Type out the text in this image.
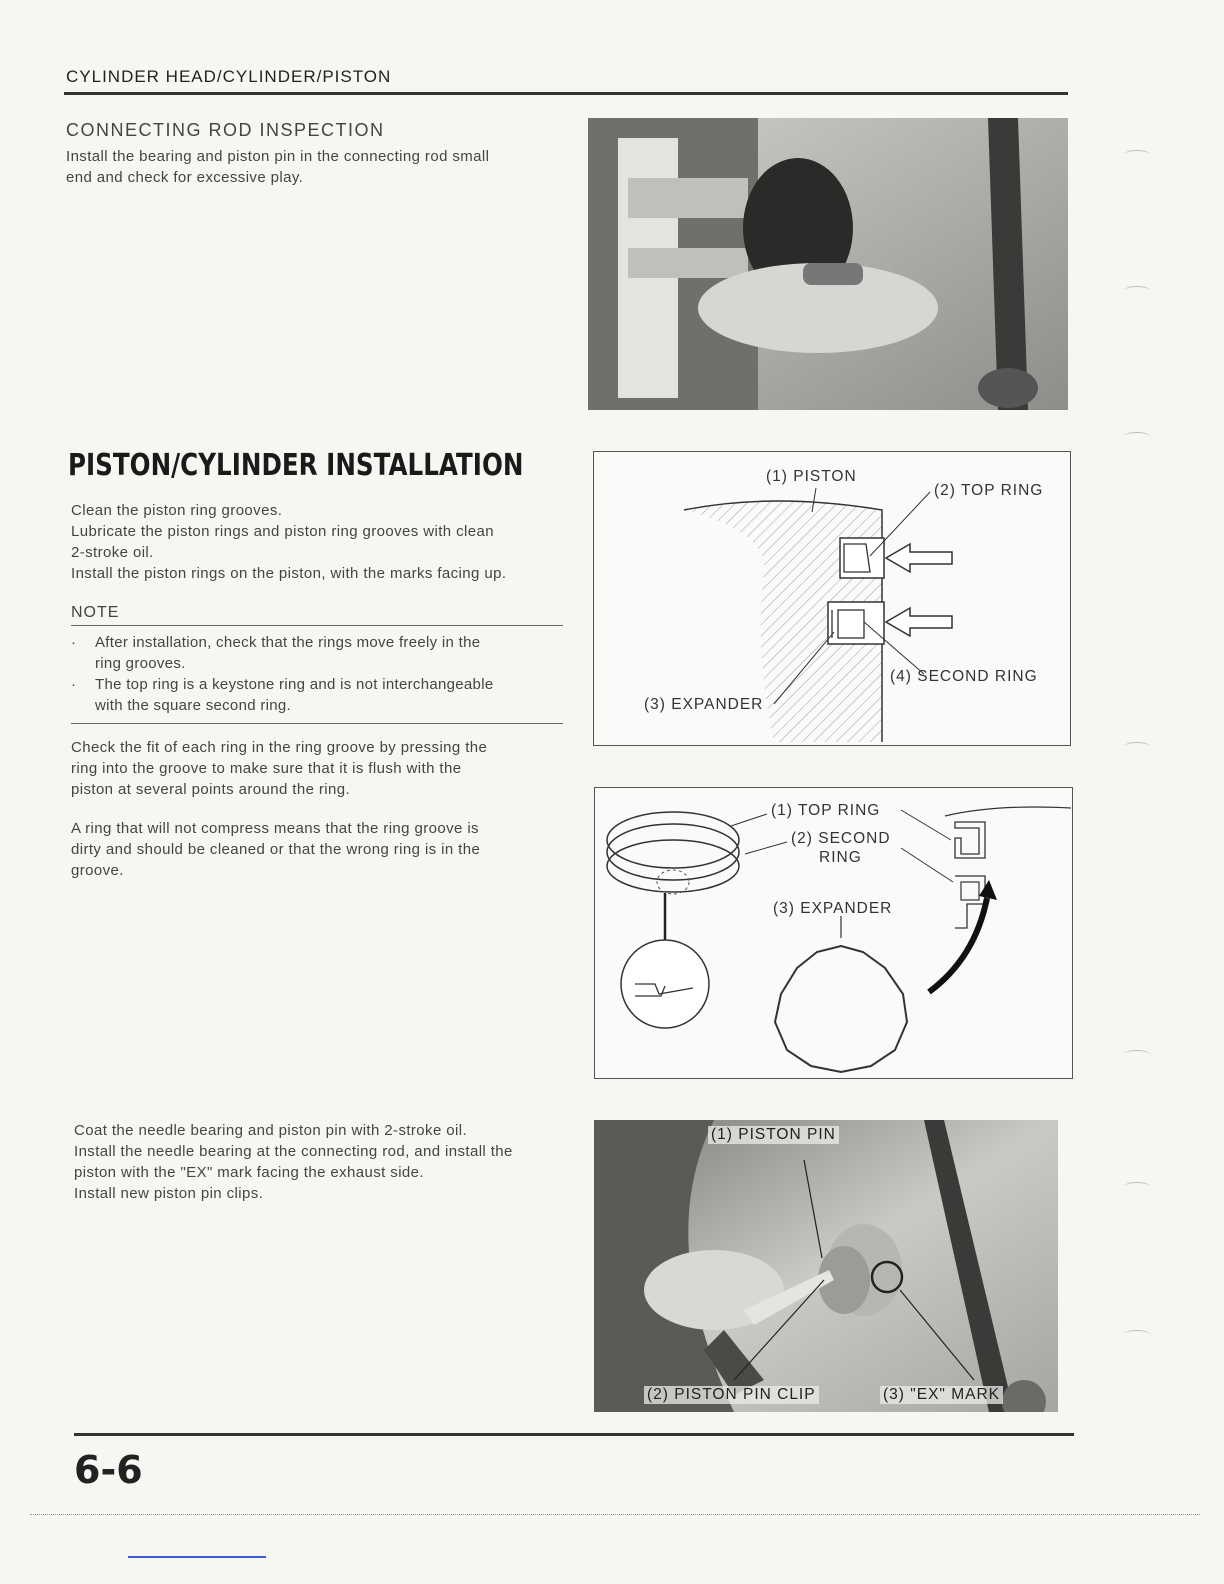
CYLINDER HEAD/CYLINDER/PISTON
CONNECTING ROD INSPECTION
Install the bearing and piston pin in the connecting rod small
end and check for excessive play.
PISTON/CYLINDER INSTALLATION
Clean the piston ring grooves.
Lubricate the piston rings and piston ring grooves with clean
2-stroke oil.
Install the piston rings on the piston, with the marks facing up.
NOTE
· After installation, check that the rings move freely in the
ring grooves.
· The top ring is a keystone ring and is not interchangeable
with the square second ring.
Check the fit of each ring in the ring groove by pressing the
ring into the groove to make sure that it is flush with the
piston at several points around the ring.
A ring that will not compress means that the ring groove is
dirty and should be cleaned or that the wrong ring is in the
groove.
(1) PISTON
(2) TOP RING
(3) EXPANDER
(4) SECOND RING
(1) TOP RING
(2) SECOND
RING
(3) EXPANDER
Coat the needle bearing and piston pin with 2-stroke oil.
Install the needle bearing at the connecting rod, and install the
piston with the "EX" mark facing the exhaust side.
Install new piston pin clips.
(1) PISTON PIN
(2) PISTON PIN CLIP	(3) "EX" MARK
6-6
